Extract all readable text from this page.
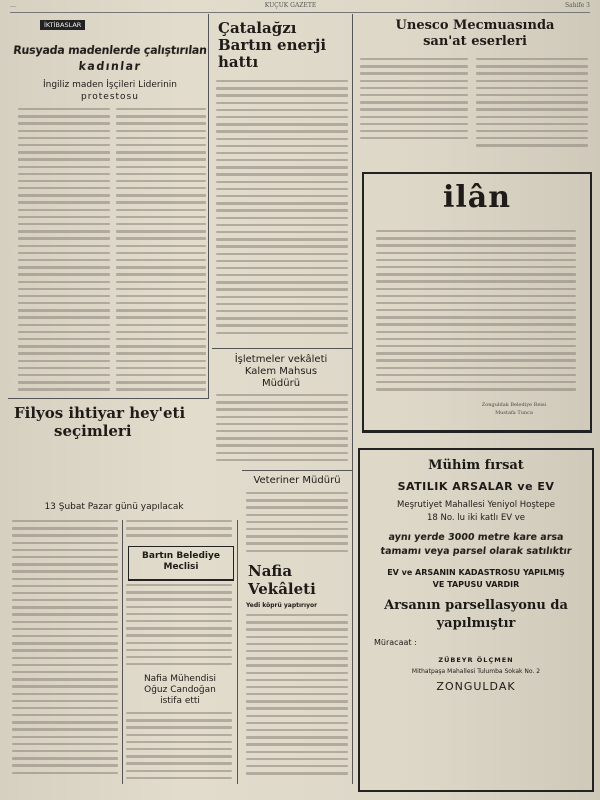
…	KÜÇÜK GAZETE	Sahife 3
İKTİBASLAR
Rusyada madenlerde çalıştırılan
kadınlar
İngiliz maden İşçileri Liderinin
protestosu
Çatalağzı
Bartın enerji
hattı
İşletmeler vekâleti
Kalem Mahsus
Müdürü
Veteriner Müdürü
Nafia
Vekâleti
Yedi köprü yaptırıyor
Unesco Mecmuasında
san'at eserleri
ilân
Zonguldak Belediye Reisi
Mustafa Tunca
Filyos ihtiyar hey'eti
seçimleri
13 Şubat Pazar günü yapılacak
Bartın Belediye
Meclisi
Nafia Mühendisi
Oğuz Candoğan
istifa etti
Mühim fırsat
SATILIK ARSALAR ve EV
Meşrutiyet Mahallesi Yeniyol Hoştepe
18 No. lu iki katlı EV ve
aynı yerde 3000 metre kare arsa
tamamı veya parsel olarak satılıktır
EV ve ARSANIN KADASTROSU YAPILMIŞ
VE TAPUSU VARDIR
Arsanın parsellasyonu da
yapılmıştır
Müracaat :
ZÜBEYR ÖLÇMEN
Mithatpaşa Mahallesi Tulumba Sokak No. 2
ZONGULDAK
